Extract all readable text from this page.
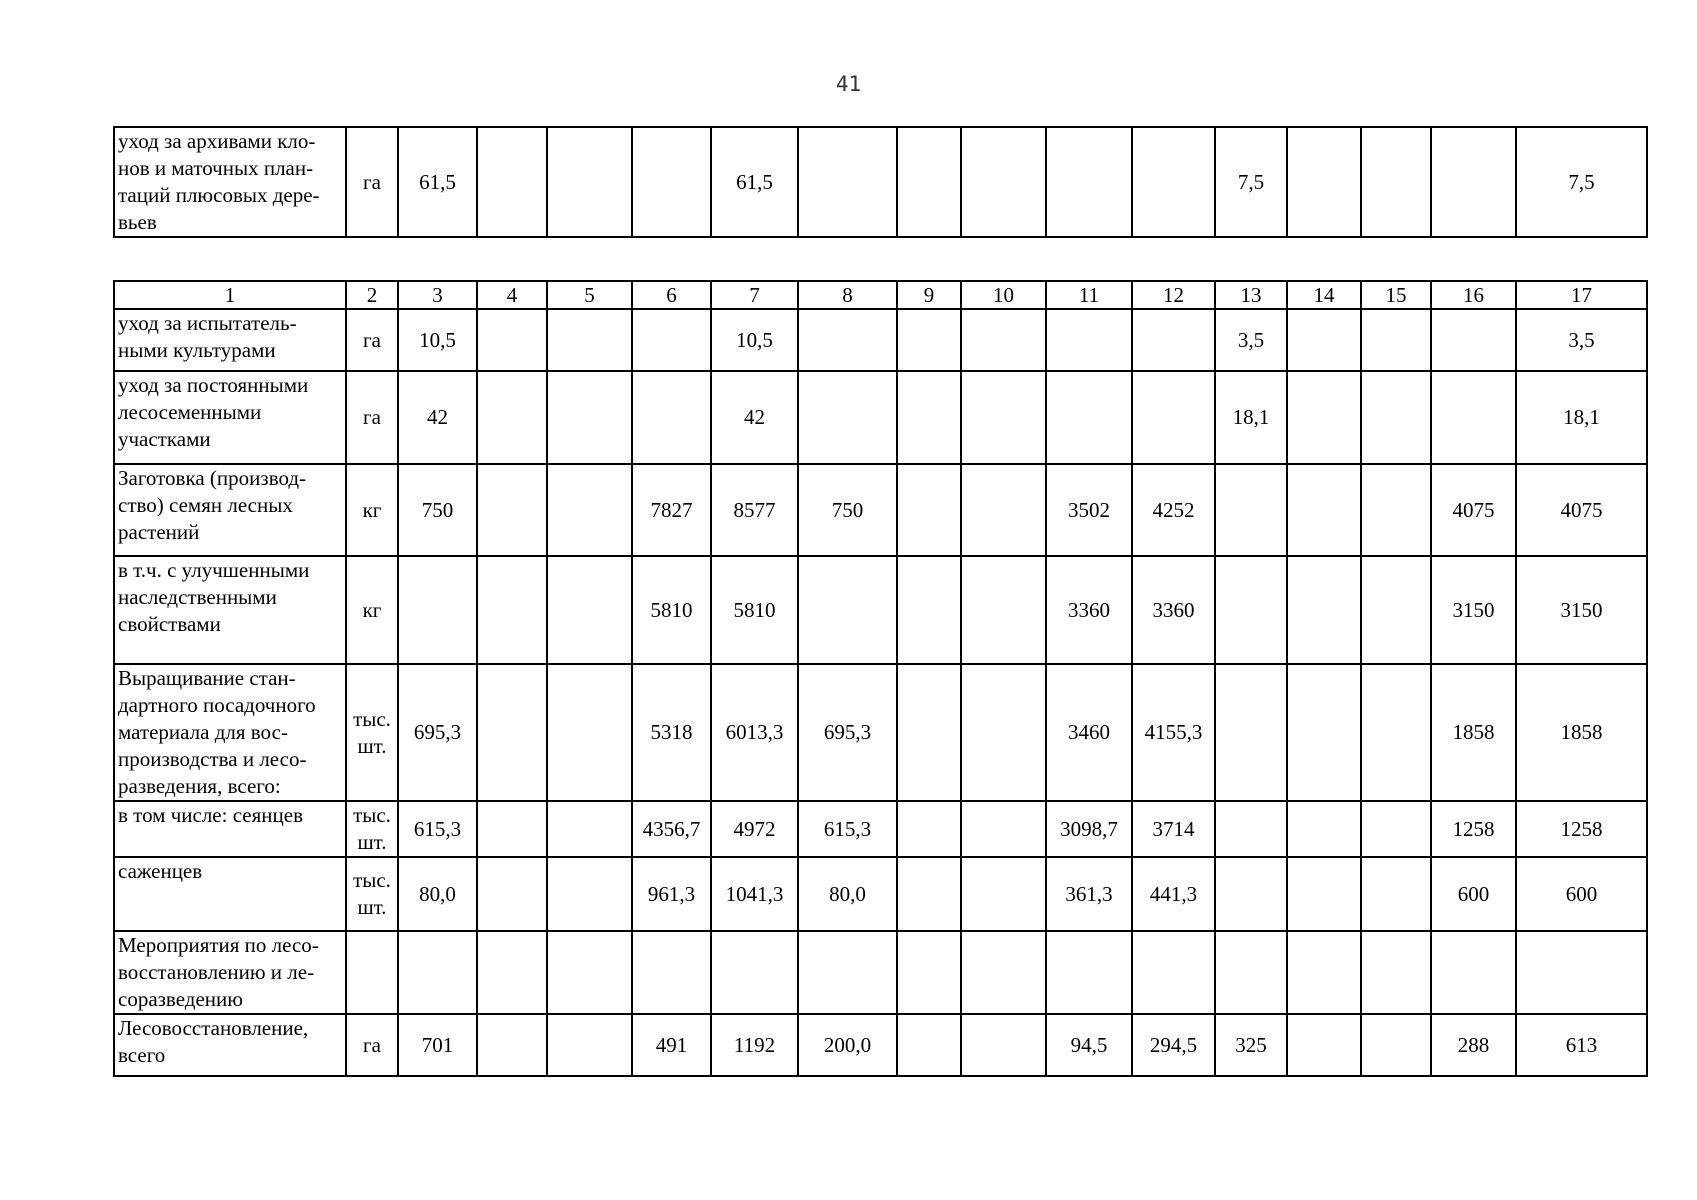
41
уход за архивами кло-нов и маточных план-таций плюсовых дере-вьев	га	61,5				61,5						7,5				7,5
1	2	3	4	5	6	7	8	9	10	11	12	13	14	15	16	17
уход за испытатель-ными культурами	га	10,5				10,5						3,5				3,5
уход за постоянными лесосеменными участками	га	42				42						18,1				18,1
Заготовка (производ-ство) семян лесных растений	кг	750			7827	8577	750			3502	4252				4075	4075
в т.ч. с улучшенными наследственными свойствами	кг				5810	5810				3360	3360				3150	3150
Выращивание стан-дартного посадочного материала для вос-производства и лесо-разведения, всего:	тыс. шт.	695,3			5318	6013,3	695,3			3460	4155,3				1858	1858
в том числе: сеянцев	тыс. шт.	615,3			4356,7	4972	615,3			3098,7	3714				1258	1258
саженцев	тыс. шт.	80,0			961,3	1041,3	80,0			361,3	441,3				600	600
Мероприятия по лесо-восстановлению и ле-соразведению																
Лесовосстановление, всего	га	701			491	1192	200,0			94,5	294,5	325			288	613
